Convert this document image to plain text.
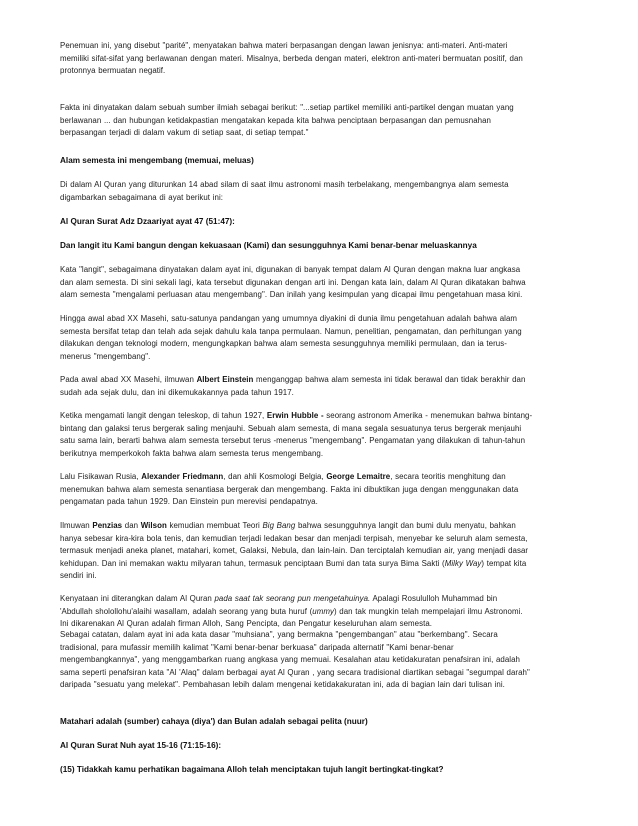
Penemuan ini, yang disebut "parité", menyatakan bahwa materi berpasangan dengan lawan jenisnya: anti-materi. Anti-materi
memiliki sifat-sifat yang berlawanan dengan materi. Misalnya, berbeda dengan materi, elektron anti-materi bermuatan positif, dan
protonnya bermuatan negatif.
Fakta ini dinyatakan dalam sebuah sumber ilmiah sebagai berikut: "...setiap partikel memiliki anti-partikel dengan muatan yang
berlawanan ... dan hubungan ketidakpastian mengatakan kepada kita bahwa penciptaan berpasangan dan pemusnahan
berpasangan terjadi di dalam vakum di setiap saat, di setiap tempat."
Alam semesta ini mengembang (memuai, meluas)
Di dalam Al Quran yang diturunkan 14 abad silam di saat ilmu astronomi masih terbelakang, mengembangnya alam semesta
digambarkan sebagaimana di ayat berikut ini:
Al Quran Surat Adz Dzaariyat ayat 47 (51:47):
Dan langit itu Kami bangun dengan kekuasaan (Kami) dan sesungguhnya Kami benar-benar meluaskannya
Kata "langit", sebagaimana dinyatakan dalam ayat ini, digunakan di banyak tempat dalam Al Quran dengan makna luar angkasa
dan alam semesta. Di sini sekali lagi, kata tersebut digunakan dengan arti ini. Dengan kata lain, dalam Al Quran dikatakan bahwa
alam semesta "mengalami perluasan atau mengembang". Dan inilah yang kesimpulan yang dicapai ilmu pengetahuan masa kini.
Hingga awal abad XX Masehi, satu-satunya pandangan yang umumnya diyakini di dunia ilmu pengetahuan adalah bahwa alam
semesta bersifat tetap dan telah ada sejak dahulu kala tanpa permulaan. Namun, penelitian, pengamatan, dan perhitungan yang
dilakukan dengan teknologi modern, mengungkapkan bahwa alam semesta sesungguhnya memiliki permulaan, dan ia terus-
menerus "mengembang".
Pada awal abad XX Masehi, ilmuwan Albert Einstein menganggap bahwa alam semesta ini tidak berawal dan tidak berakhir dan
sudah ada sejak dulu, dan ini dikemukakannya pada tahun 1917.
Ketika mengamati langit dengan teleskop, di tahun 1927, Erwin Hubble - seorang astronom Amerika - menemukan bahwa bintang-
bintang dan galaksi terus bergerak saling menjauhi. Sebuah alam semesta, di mana segala sesuatunya terus bergerak menjauhi
satu sama lain, berarti bahwa alam semesta tersebut terus -menerus "mengembang". Pengamatan yang dilakukan di tahun-tahun
berikutnya memperkokoh fakta bahwa alam semesta terus mengembang.
Lalu Fisikawan Rusia, Alexander Friedmann, dan ahli Kosmologi Belgia, George Lemaitre, secara teoritis menghitung dan
menemukan bahwa alam semesta senantiasa bergerak dan mengembang. Fakta ini dibuktikan juga dengan menggunakan data
pengamatan pada tahun 1929. Dan Einstein pun merevisi pendapatnya.
Ilmuwan Penzias dan Wilson kemudian membuat Teori Big Bang bahwa sesungguhnya langit dan bumi dulu menyatu, bahkan
hanya sebesar kira-kira bola tenis, dan kemudian terjadi ledakan besar dan menjadi terpisah, menyebar ke seluruh alam semesta,
termasuk menjadi aneka planet, matahari, komet, Galaksi, Nebula, dan lain-lain. Dan terciptalah kemudian air, yang menjadi dasar
kehidupan. Dan ini memakan waktu milyaran tahun, termasuk penciptaan Bumi dan tata surya Bima Sakti (Milky Way) tempat kita
sendiri ini.
Kenyataan ini diterangkan dalam Al Quran pada saat tak seorang pun mengetahuinya. Apalagi Rosululloh Muhammad bin
'Abdullah sholollohu'alaihi wasallam, adalah seorang yang buta huruf (ummy) dan tak mungkin telah mempelajari ilmu Astronomi.
Ini dikarenakan Al Quran adalah firman Alloh, Sang Pencipta, dan Pengatur keseluruhan alam semesta.
Sebagai catatan, dalam ayat ini ada kata dasar "muhsiana", yang bermakna "pengembangan" atau "berkembang". Secara
tradisional, para mufassir memilih kalimat "Kami benar-benar berkuasa" daripada alternatif "Kami benar-benar
mengembangkannya", yang menggambarkan ruang angkasa yang memuai. Kesalahan atau ketidakuratan penafsiran ini, adalah
sama seperti penafsiran kata "Al 'Alaq" dalam berbagai ayat Al Quran , yang secara tradisional diartikan sebagai "segumpal darah"
daripada "sesuatu yang melekat". Pembahasan lebih dalam mengenai ketidakakuratan ini, ada di bagian lain dari tulisan ini.
Matahari adalah (sumber) cahaya (diya') dan Bulan adalah sebagai pelita (nuur)
Al Quran Surat Nuh ayat 15-16 (71:15-16):
(15) Tidakkah kamu perhatikan bagaimana Alloh telah menciptakan tujuh langit bertingkat-tingkat?
